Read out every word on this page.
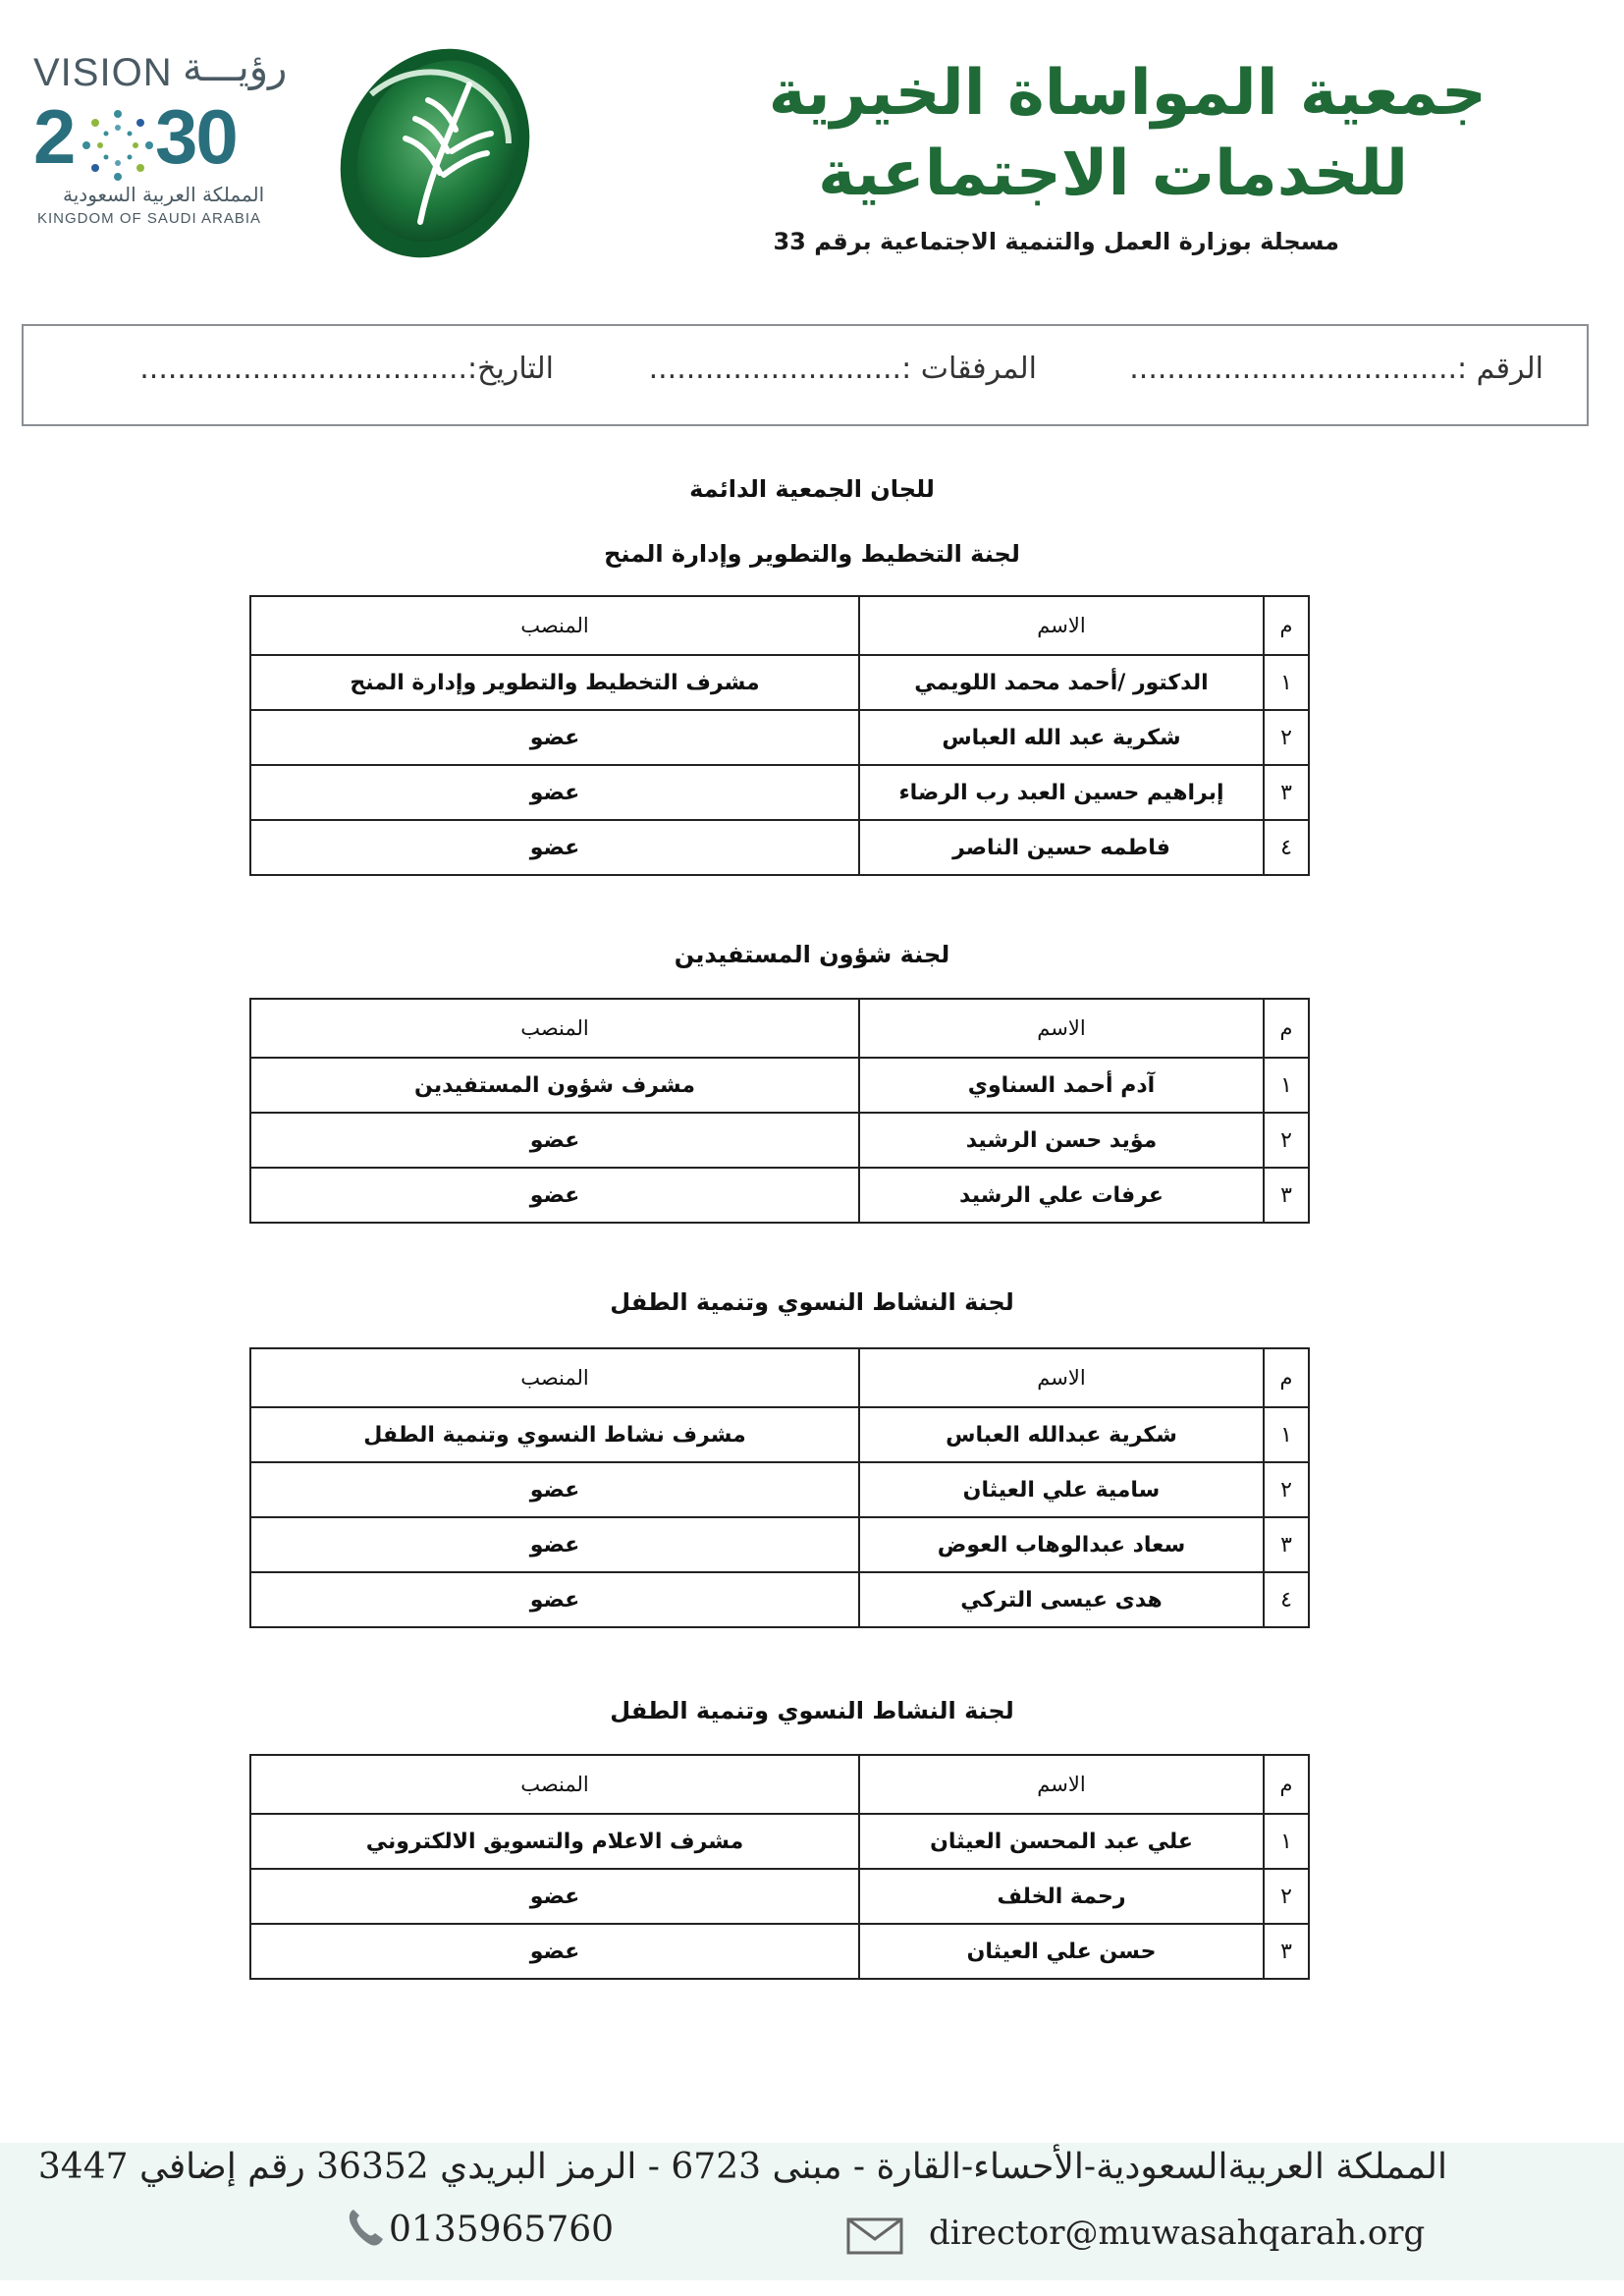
VISION رؤيـــة
2 30
المملكة العربية السعودية
KINGDOM OF SAUDI ARABIA
جمعية المواساة الخيرية
للخدمات الاجتماعية
مسجلة بوزارة العمل والتنمية الاجتماعية برقم 33
الرقم :...................................
المرفقات :...........................
التاريخ:...................................
للجان الجمعية الدائمة
لجنة التخطيط والتطوير وإدارة المنح
م	الاسم	المنصب
١	الدكتور /أحمد محمد اللويمي	مشرف التخطيط والتطوير وإدارة المنح
٢	شكرية عبد الله العباس	عضو
٣	إبراهيم حسين العبد رب الرضاء	عضو
٤	فاطمه حسين الناصر	عضو
لجنة شؤون المستفيدين
م	الاسم	المنصب
١	آدم أحمد السناوي	مشرف شؤون المستفيدين
٢	مؤيد حسن الرشيد	عضو
٣	عرفات علي الرشيد	عضو
لجنة النشاط النسوي وتنمية الطفل
م	الاسم	المنصب
١	شكرية عبدالله العباس	مشرف نشاط النسوي وتنمية الطفل
٢	سامية علي العيثان	عضو
٣	سعاد عبدالوهاب العوض	عضو
٤	هدى عيسى التركي	عضو
لجنة النشاط النسوي وتنمية الطفل
م	الاسم	المنصب
١	علي عبد المحسن العيثان	مشرف الاعلام والتسويق الالكتروني
٢	رحمة الخلف	عضو
٣	حسن علي العيثان	عضو
المملكة العربيةالسعودية-الأحساء-القارة - مبنى 6723 - الرمز البريدي 36352 رقم إضافي 3447
0135965760	director@muwasahqarah.org
